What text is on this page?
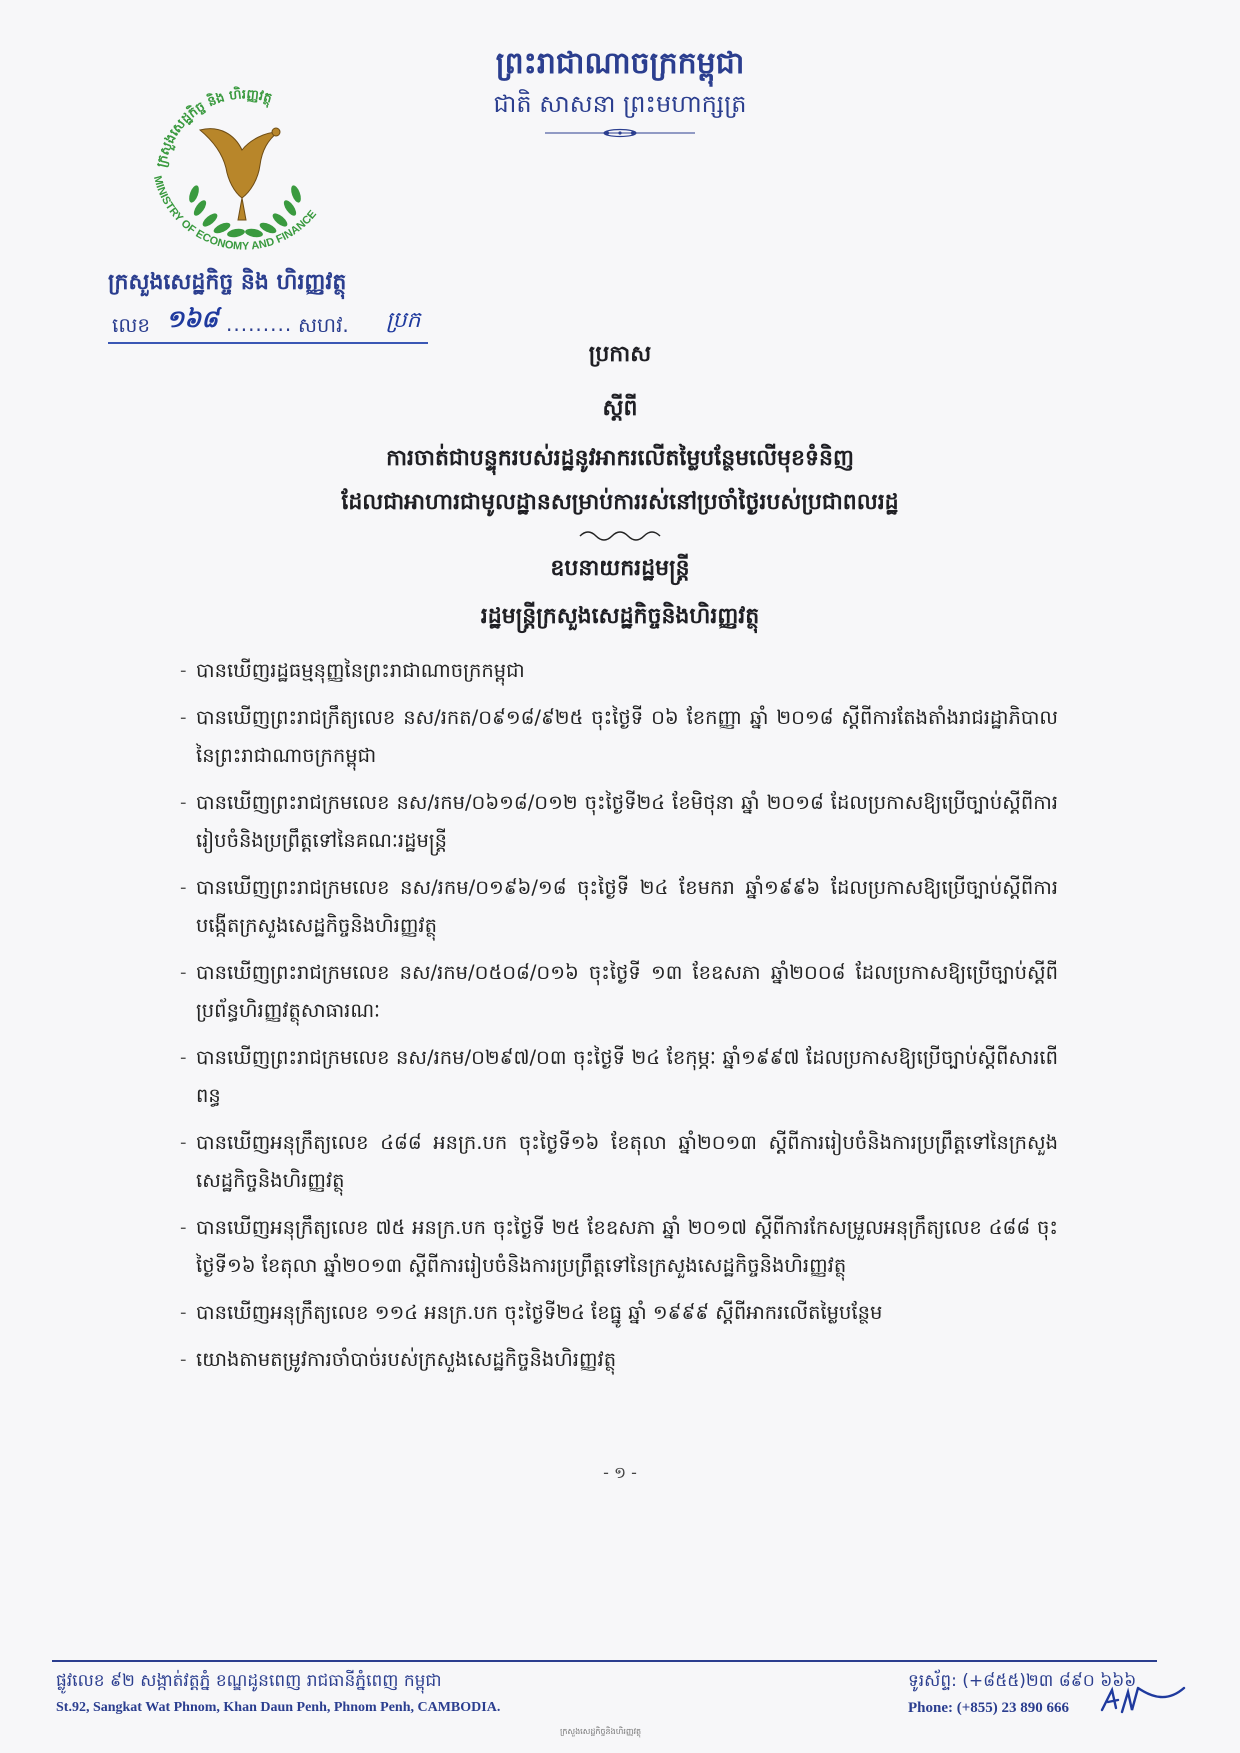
ព្រះរាជាណាចក្រកម្ពុជា
ជាតិ សាសនា ព្រះមហាក្សត្រ
ក្រសួងសេដ្ឋកិច្ច និង ហិរញ្ញវត្ថុ
MINISTRY OF ECONOMY AND FINANCE
ក្រសួងសេដ្ឋកិច្ច និង ហិរញ្ញវត្ថុ
លេខ ១៦៨ ......... សហវ. ប្រក
ប្រកាស
ស្តីពី
ការចាត់ជាបន្ទុករបស់រដ្ឋនូវអាករលើតម្លៃបន្ថែមលើមុខទំនិញ
ដែលជាអាហារជាមូលដ្ឋានសម្រាប់ការរស់នៅប្រចាំថ្ងៃរបស់ប្រជាពលរដ្ឋ
ឧបនាយករដ្ឋមន្ត្រី
រដ្ឋមន្ត្រីក្រសួងសេដ្ឋកិច្ចនិងហិរញ្ញវត្ថុ
- បានឃើញរដ្ឋធម្មនុញ្ញនៃព្រះរាជាណាចក្រកម្ពុជា
- បានឃើញព្រះរាជក្រឹត្យលេខ នស/រកត/០៩១៨/៩២៥ ចុះថ្ងៃទី ០៦ ខែកញ្ញា ឆ្នាំ ២០១៨ ស្តីពីការតែងតាំងរាជរដ្ឋាភិបាលនៃព្រះរាជាណាចក្រកម្ពុជា
- បានឃើញព្រះរាជក្រមលេខ នស/រកម/០៦១៨/០១២ ចុះថ្ងៃទី២៤ ខែមិថុនា ឆ្នាំ ២០១៨ ដែលប្រកាសឱ្យប្រើច្បាប់ស្តីពីការរៀបចំនិងប្រព្រឹត្តទៅនៃគណៈរដ្ឋមន្ត្រី
- បានឃើញព្រះរាជក្រមលេខ នស/រកម/០១៩៦/១៨ ចុះថ្ងៃទី ២៤ ខែមករា ឆ្នាំ១៩៩៦ ដែលប្រកាសឱ្យប្រើច្បាប់ស្តីពីការបង្កើតក្រសួងសេដ្ឋកិច្ចនិងហិរញ្ញវត្ថុ
- បានឃើញព្រះរាជក្រមលេខ នស/រកម/០៥០៨/០១៦ ចុះថ្ងៃទី ១៣ ខែឧសភា ឆ្នាំ២០០៨ ដែលប្រកាសឱ្យប្រើច្បាប់ស្តីពីប្រព័ន្ធហិរញ្ញវត្ថុសាធារណៈ
- បានឃើញព្រះរាជក្រមលេខ នស/រកម/០២៩៧/០៣ ចុះថ្ងៃទី ២៤ ខែកុម្ភៈ ឆ្នាំ១៩៩៧ ដែលប្រកាសឱ្យប្រើច្បាប់ស្តីពីសារពើពន្ធ
- បានឃើញអនុក្រឹត្យលេខ ៤៨៨ អនក្រ.បក ចុះថ្ងៃទី១៦ ខែតុលា ឆ្នាំ២០១៣ ស្តីពីការរៀបចំនិងការប្រព្រឹត្តទៅនៃក្រសួងសេដ្ឋកិច្ចនិងហិរញ្ញវត្ថុ
- បានឃើញអនុក្រឹត្យលេខ ៧៥ អនក្រ.បក ចុះថ្ងៃទី ២៥ ខែឧសភា ឆ្នាំ ២០១៧ ស្តីពីការកែសម្រួលអនុក្រឹត្យលេខ ៤៨៨ ចុះថ្ងៃទី១៦ ខែតុលា ឆ្នាំ២០១៣ ស្តីពីការរៀបចំនិងការប្រព្រឹត្តទៅនៃក្រសួងសេដ្ឋកិច្ចនិងហិរញ្ញវត្ថុ
- បានឃើញអនុក្រឹត្យលេខ ១១៤ អនក្រ.បក ចុះថ្ងៃទី២៤ ខែធ្នូ ឆ្នាំ ១៩៩៩ ស្តីពីអាករលើតម្លៃបន្ថែម
- យោងតាមតម្រូវការចាំបាច់របស់ក្រសួងសេដ្ឋកិច្ចនិងហិរញ្ញវត្ថុ
- ១ -
ផ្លូវលេខ ៩២ សង្កាត់វត្តភ្នំ ខណ្ឌដូនពេញ រាជធានីភ្នំពេញ កម្ពុជា
St.92, Sangkat Wat Phnom, Khan Daun Penh, Phnom Penh, CAMBODIA.
ទូរស័ព្ទ: (+៨៥៥)២៣ ៨៩០ ៦៦៦
Phone: (+855) 23 890 666
ក្រសួងសេដ្ឋកិច្ចនិងហិរញ្ញវត្ថុ
